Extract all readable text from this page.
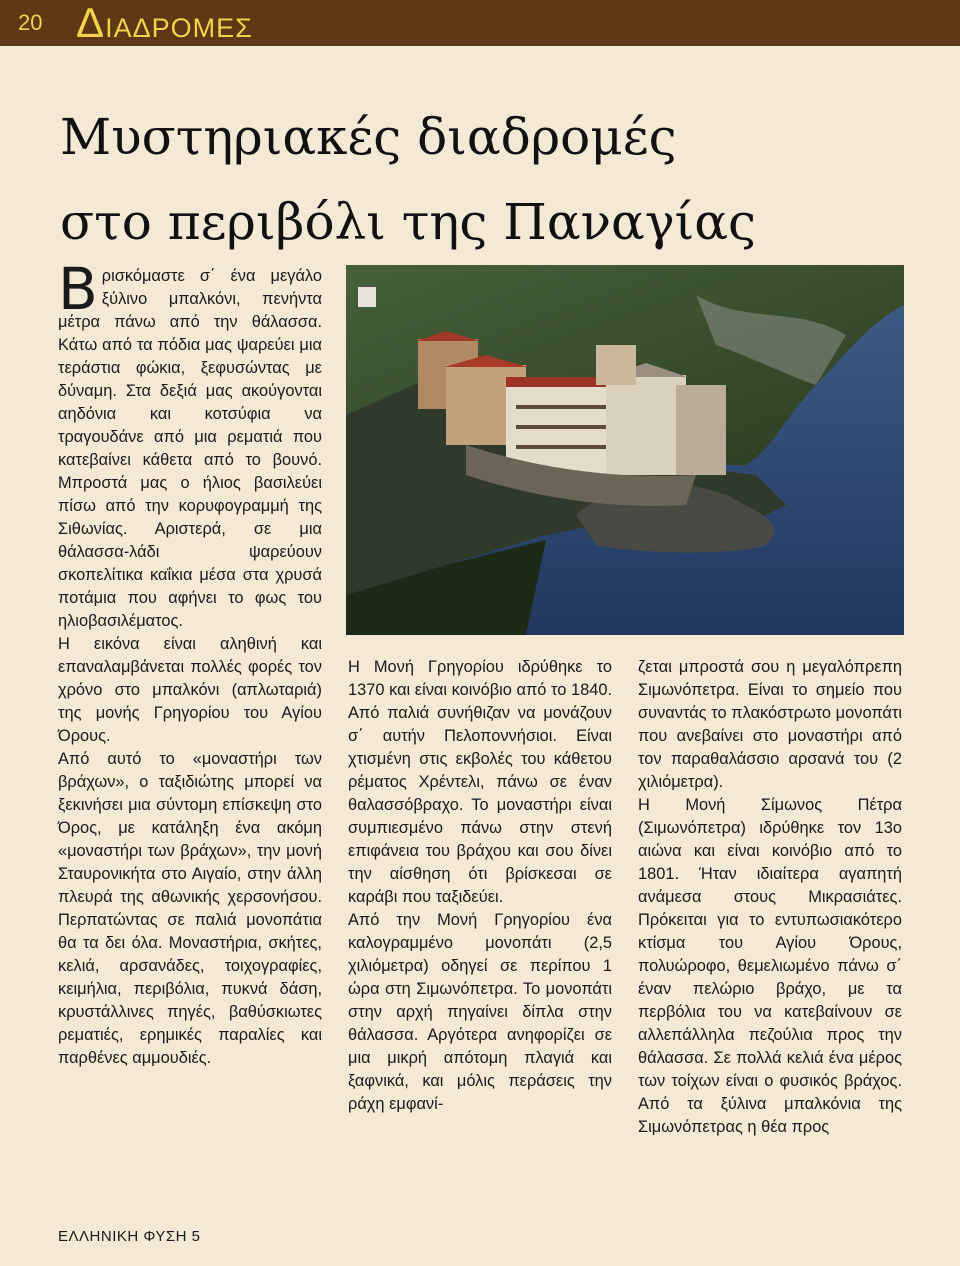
20 Δ ΙΑΔΡΟΜΕΣ
Μυστηριακές διαδρομές
στο περιβόλι της Παναγίας

Βρισκόμαστε σ΄ ένα μεγάλο ξύλινο μπαλκόνι, πενήντα μέτρα πάνω από την θάλασσα. Κάτω από τα πόδια μας ψαρεύει μια τεράστια φώκια, ξεφυσώντας με δύναμη. Στα δεξιά μας ακούγονται αηδόνια και κοτσύφια να τραγουδάνε από μια ρεματιά που κατεβαίνει κάθετα από το βουνό. Μπροστά μας ο ήλιος βασιλεύει πίσω από την κορυφογραμμή της Σιθωνίας. Αριστερά, σε μια θάλασσα-λάδι ψαρεύουν σκοπελίτικα καΐκια μέσα στα χρυσά ποτάμια που αφήνει το φως του ηλιοβασιλέματος.

Η εικόνα είναι αληθινή και επαναλαμβάνεται πολλές φορές τον χρόνο στο μπαλκόνι (απλωταριά) της μονής Γρηγορίου του Αγίου Όρους.

Από αυτό το «μοναστήρι των βράχων», ο ταξιδιώτης μπορεί να ξεκινήσει μια σύντομη επίσκεψη στο Όρος, με κατάληξη ένα ακόμη «μοναστήρι των βράχων», την μονή Σταυρονικήτα στο Αιγαίο, στην άλλη πλευρά της αθωνικής χερσονήσου. Περπατώντας σε παλιά μονοπάτια θα τα δει όλα. Μοναστήρια, σκήτες, κελιά, αρσανάδες, τοιχογραφίες, κειμήλια, περιβόλια, πυκνά δάση, κρυστάλλινες πηγές, βαθύσκιωτες ρεματιές, ερημικές παραλίες και παρθένες αμμουδιές.

Η Μονή Γρηγορίου ιδρύθηκε το 1370 και είναι κοινόβιο από το 1840. Από παλιά συνήθιζαν να μονάζουν σ΄ αυτήν Πελοποννήσιοι. Είναι χτισμένη στις εκβολές του κάθετου ρέματος Χρέντελι, πάνω σε έναν θαλασσόβραχο. Το μοναστήρι είναι συμπιεσμένο πάνω στην στενή επιφάνεια του βράχου και σου δίνει την αίσθηση ότι βρίσκεσαι σε καράβι που ταξιδεύει.

Από την Μονή Γρηγορίου ένα καλογραμμένο μονοπάτι (2,5 χιλιόμετρα) οδηγεί σε περίπου 1 ώρα στη Σιμωνόπετρα. Το μονοπάτι στην αρχή πηγαίνει δίπλα στην θάλασσα. Αργότερα ανηφορίζει σε μια μικρή απότομη πλαγιά και ξαφνικά, και μόλις περάσεις την ράχη εμφανί-

ζεται μπροστά σου η μεγαλόπρεπη Σιμωνόπετρα. Είναι το σημείο που συναντάς το πλακόστρωτο μονοπάτι που ανεβαίνει στο μοναστήρι από τον παραθαλάσσιο αρσανά του (2 χιλιόμετρα).

Η Μονή Σίμωνος Πέτρα (Σιμωνόπετρα) ιδρύθηκε τον 13ο αιώνα και είναι κοινόβιο από το 1801. Ήταν ιδιαίτερα αγαπητή ανάμεσα στους Μικρασιάτες. Πρόκειται για το εντυπωσιακότερο κτίσμα του Αγίου Όρους, πολυώροφο, θεμελιωμένο πάνω σ΄ έναν πελώριο βράχο, με τα περβόλια του να κατεβαίνουν σε αλλεπάλληλα πεζούλια προς την θάλασσα. Σε πολλά κελιά ένα μέρος των τοίχων είναι ο φυσικός βράχος. Από τα ξύλινα μπαλκόνια της Σιμωνόπετρας η θέα προς

ΕΛΛΗΝΙΚΗ ΦΥΣΗ 5
